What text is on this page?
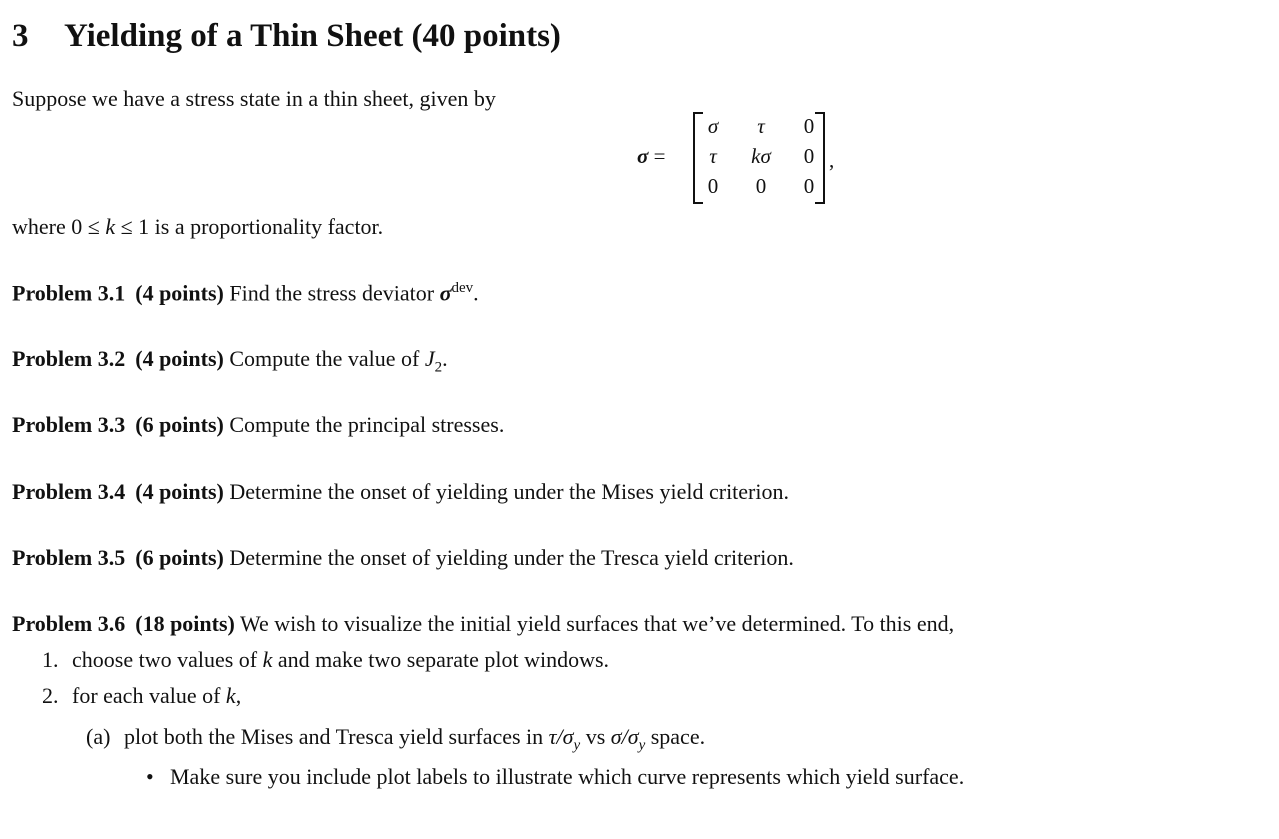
3 Yielding of a Thin Sheet (40 points)
Suppose we have a stress state in a thin sheet, given by
σ =
σ	τ	0
τ	kσ	0
0	0	0
,
where 0 ≤ k ≤ 1 is a proportionality factor.
Problem 3.1 (4 points) Find the stress deviator $\sigma^{dev}$.
Problem 3.2 (4 points) Compute the value of $J_2$.
Problem 3.3 (6 points) Compute the principal stresses.
Problem 3.4 (4 points) Determine the onset of yielding under the Mises yield criterion.
Problem 3.5 (6 points) Determine the onset of yielding under the Tresca yield criterion.
Problem 3.6 (18 points) We wish to visualize the initial yield surfaces that we’ve determined. To this end,
1. choose two values of k and make two separate plot windows.
2. for each value of k,
(a) plot both the Mises and Tresca yield surfaces in $\tau/\sigma_y$ vs $\sigma/\sigma_y$ space.
• Make sure you include plot labels to illustrate which curve represents which yield surface.
